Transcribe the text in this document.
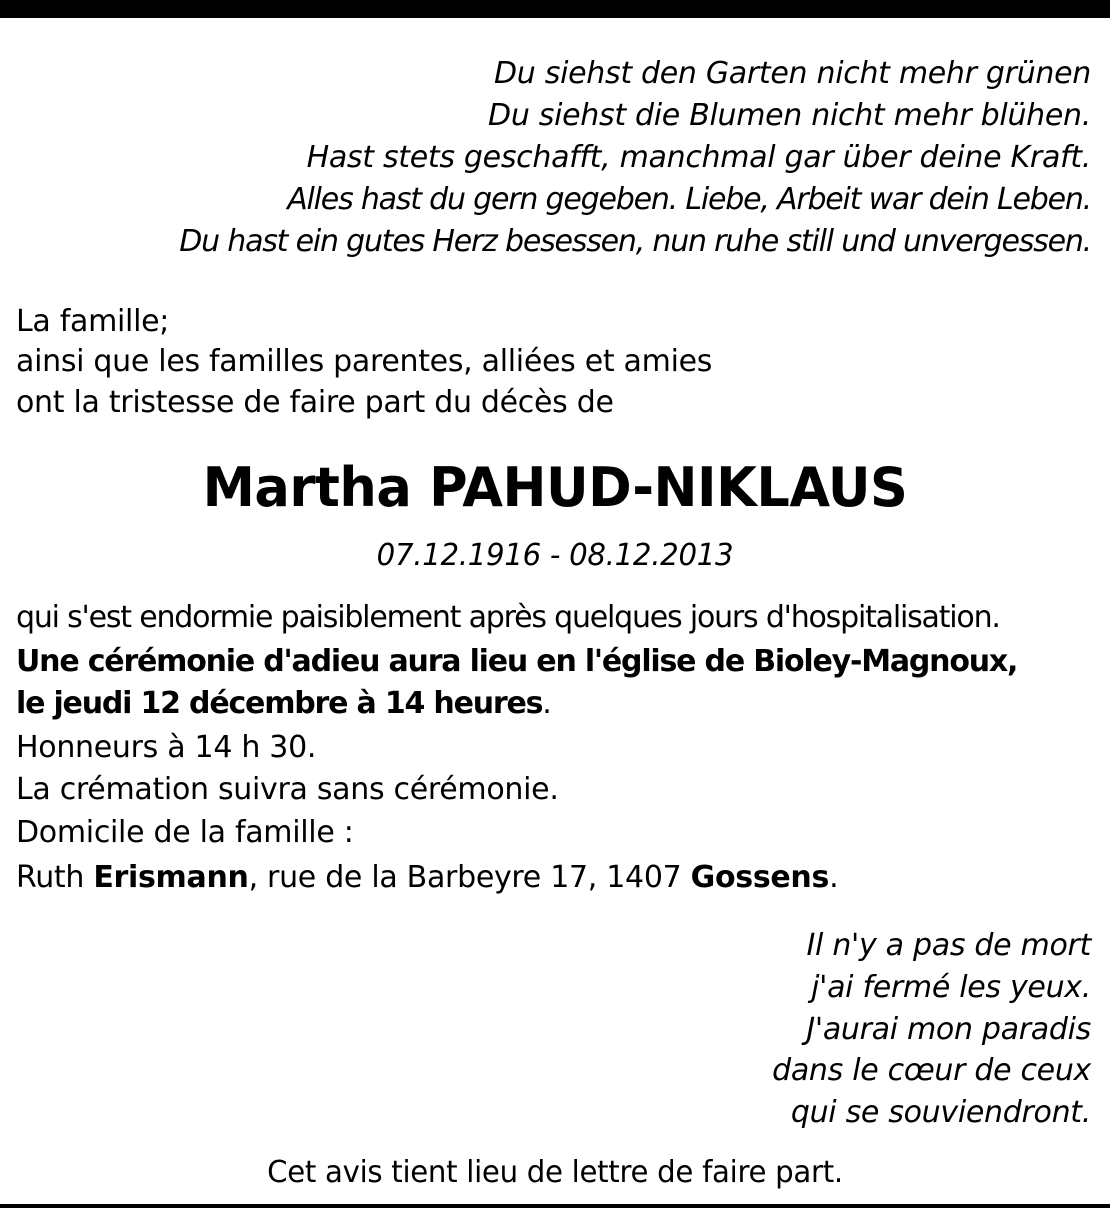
Du siehst den Garten nicht mehr grünen
Du siehst die Blumen nicht mehr blühen.
Hast stets geschafft, manchmal gar über deine Kraft.
Alles hast du gern gegeben. Liebe, Arbeit war dein Leben.
Du hast ein gutes Herz besessen, nun ruhe still und unvergessen.
La famille;
ainsi que les familles parentes, alliées et amies
ont la tristesse de faire part du décès de
Martha PAHUD-NIKLAUS
07.12.1916 - 08.12.2013
qui s'est endormie paisiblement après quelques jours d'hospitalisation.
Une cérémonie d'adieu aura lieu en l'église de Bioley-Magnoux,
le jeudi 12 décembre à 14 heures.
Honneurs à 14 h 30.
La crémation suivra sans cérémonie.
Domicile de la famille :
Ruth Erismann, rue de la Barbeyre 17, 1407 Gossens.
Il n'y a pas de mort
j'ai fermé les yeux.
J'aurai mon paradis
dans le cœur de ceux
qui se souviendront.
Cet avis tient lieu de lettre de faire part.
